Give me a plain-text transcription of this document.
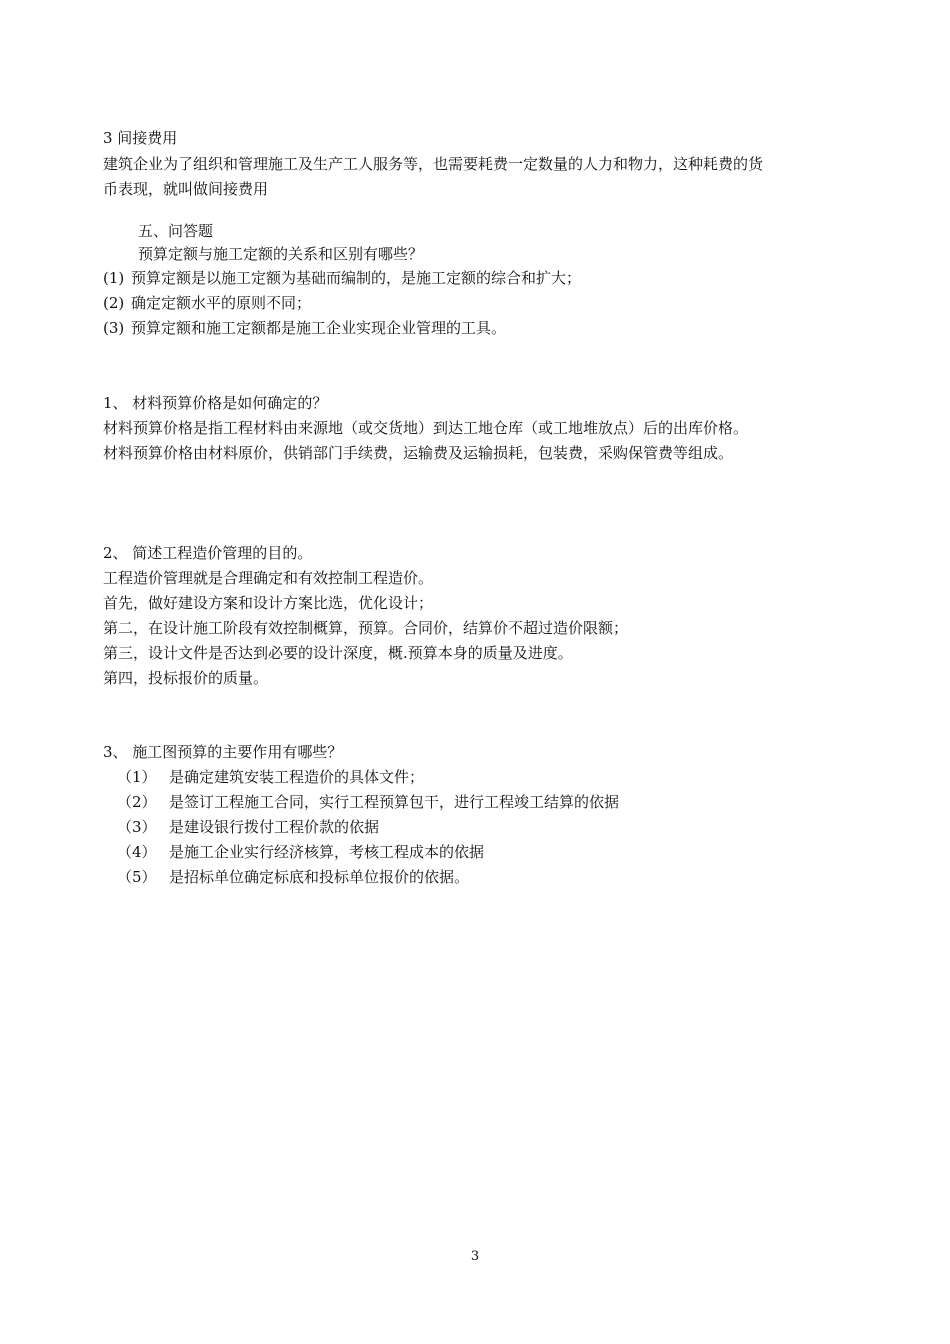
3 间接费用
建筑企业为了组织和管理施工及生产工人服务等，也需要耗费一定数量的人力和物力，这种耗费的货
币表现，就叫做间接费用
五、问答题
预算定额与施工定额的关系和区别有哪些？
(1) 预算定额是以施工定额为基础而编制的，是施工定额的综合和扩大；
(2) 确定定额水平的原则不同；
(3) 预算定额和施工定额都是施工企业实现企业管理的工具。
1、 材料预算价格是如何确定的？
材料预算价格是指工程材料由来源地（或交货地）到达工地仓库（或工地堆放点）后的出库价格。
材料预算价格由材料原价，供销部门手续费，运输费及运输损耗，包装费，采购保管费等组成。
2、 简述工程造价管理的目的。
工程造价管理就是合理确定和有效控制工程造价。
首先，做好建设方案和设计方案比选，优化设计；
第二，在设计施工阶段有效控制概算，预算。合同价，结算价不超过造价限额；
第三，设计文件是否达到必要的设计深度，概.预算本身的质量及进度。
第四，投标报价的质量。
3、 施工图预算的主要作用有哪些？
（1） 是确定建筑安装工程造价的具体文件；
（2） 是签订工程施工合同，实行工程预算包干，进行工程竣工结算的依据
（3） 是建设银行拨付工程价款的依据
（4） 是施工企业实行经济核算，考核工程成本的依据
（5） 是招标单位确定标底和投标单位报价的依据。
3
